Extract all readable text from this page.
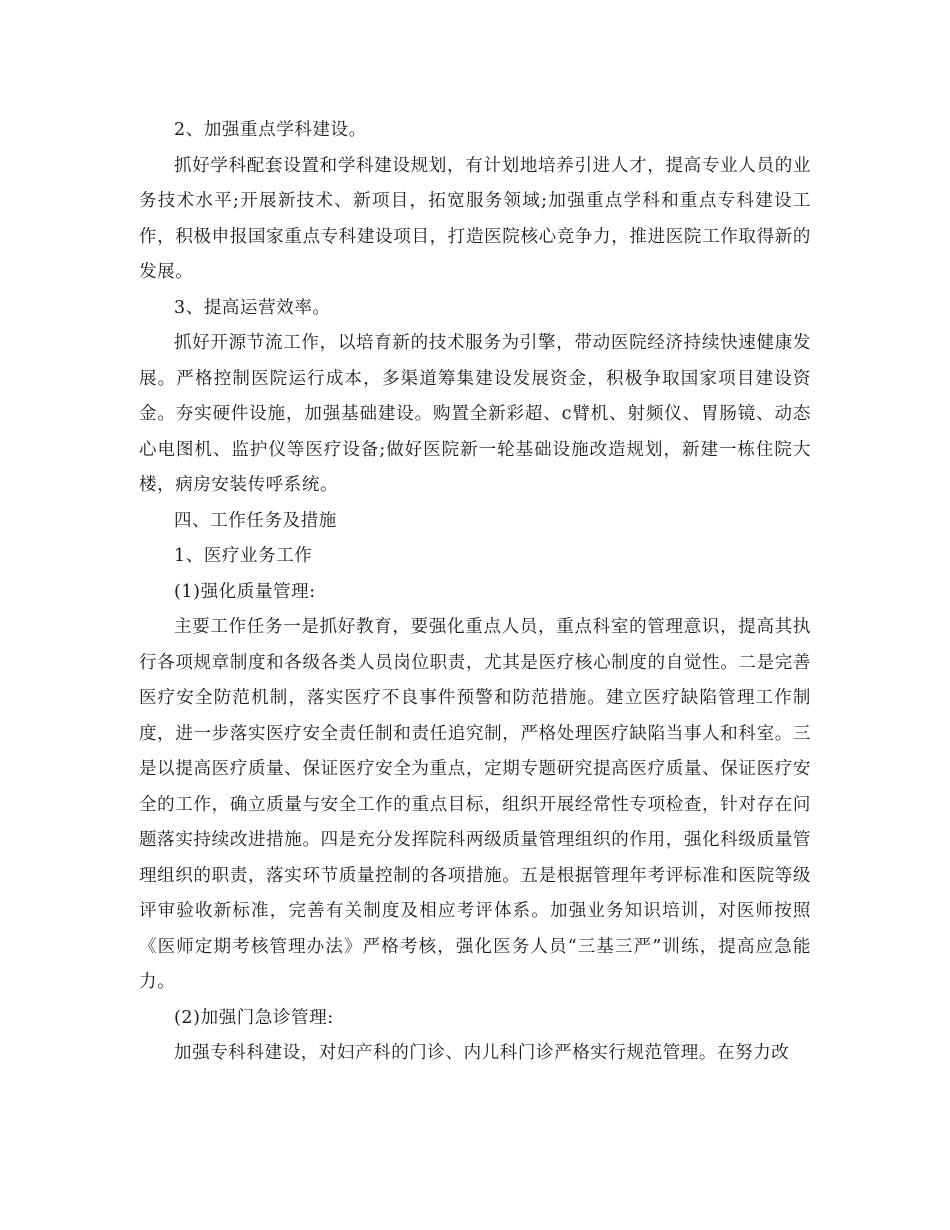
2、加强重点学科建设。

抓好学科配套设置和学科建设规划，有计划地培养引进人才，提高专业人员的业务技术水平;开展新技术、新项目，拓宽服务领域;加强重点学科和重点专科建设工作，积极申报国家重点专科建设项目，打造医院核心竞争力，推进医院工作取得新的发展。

3、提高运营效率。

抓好开源节流工作，以培育新的技术服务为引擎，带动医院经济持续快速健康发展。严格控制医院运行成本，多渠道筹集建设发展资金，积极争取国家项目建设资金。夯实硬件设施，加强基础建设。购置全新彩超、c臂机、射频仪、胃肠镜、动态心电图机、监护仪等医疗设备;做好医院新一轮基础设施改造规划，新建一栋住院大楼，病房安装传呼系统。

四、工作任务及措施

1、医疗业务工作

(1)强化质量管理:

主要工作任务一是抓好教育，要强化重点人员，重点科室的管理意识，提高其执行各项规章制度和各级各类人员岗位职责，尤其是医疗核心制度的自觉性。二是完善医疗安全防范机制，落实医疗不良事件预警和防范措施。建立医疗缺陷管理工作制度，进一步落实医疗安全责任制和责任追究制，严格处理医疗缺陷当事人和科室。三是以提高医疗质量、保证医疗安全为重点，定期专题研究提高医疗质量、保证医疗安全的工作，确立质量与安全工作的重点目标，组织开展经常性专项检查，针对存在问题落实持续改进措施。四是充分发挥院科两级质量管理组织的作用，强化科级质量管理组织的职责，落实环节质量控制的各项措施。五是根据管理年考评标准和医院等级评审验收新标准，完善有关制度及相应考评体系。加强业务知识培训，对医师按照《医师定期考核管理办法》严格考核，强化医务人员“三基三严”训练，提高应急能力。

(2)加强门急诊管理:

加强专科科建设，对妇产科的门诊、内儿科门诊严格实行规范管理。在努力改
